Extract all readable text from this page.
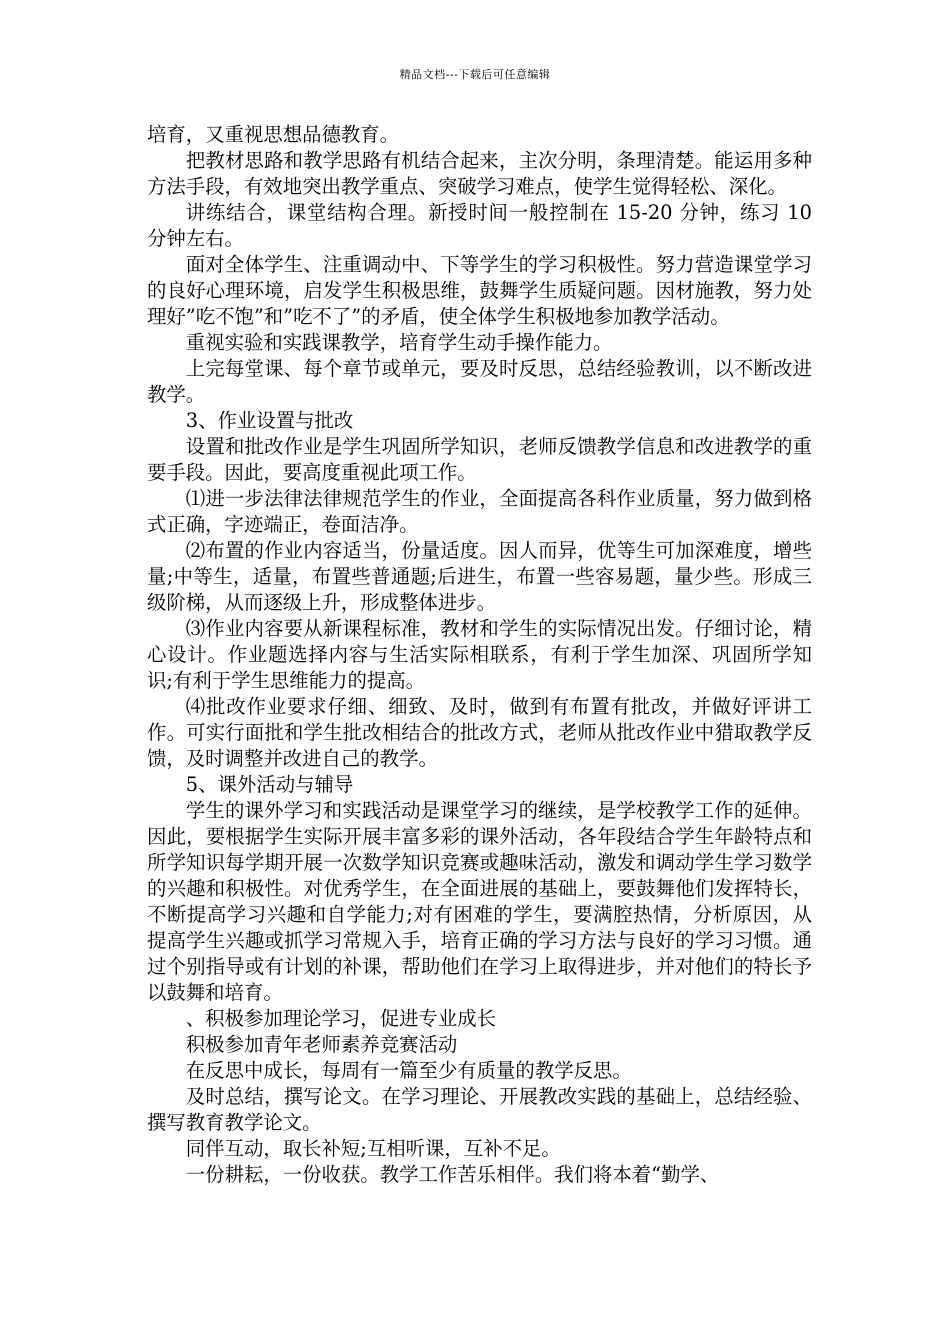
精品文档---下载后可任意编辑

培育，又重视思想品德教育。

把教材思路和教学思路有机结合起来，主次分明，条理清楚。能运用多种方法手段，有效地突出教学重点、突破学习难点，使学生觉得轻松、深化。

讲练结合，课堂结构合理。新授时间一般控制在 15-20 分钟，练习 10 分钟左右。

面对全体学生、注重调动中、下等学生的学习积极性。努力营造课堂学习的良好心理环境，启发学生积极思维，鼓舞学生质疑问题。因材施教，努力处理好”吃不饱”和”吃不了”的矛盾，使全体学生积极地参加教学活动。

重视实验和实践课教学，培育学生动手操作能力。

上完每堂课、每个章节或单元，要及时反思，总结经验教训，以不断改进教学。

3、作业设置与批改

设置和批改作业是学生巩固所学知识，老师反馈教学信息和改进教学的重要手段。因此，要高度重视此项工作。

⑴进一步法律法律规范学生的作业，全面提高各科作业质量，努力做到格式正确，字迹端正，卷面洁净。

⑵布置的作业内容适当，份量适度。因人而异，优等生可加深难度，增些量;中等生，适量，布置些普通题;后进生，布置一些容易题，量少些。形成三级阶梯，从而逐级上升，形成整体进步。

⑶作业内容要从新课程标准，教材和学生的实际情况出发。仔细讨论，精心设计。作业题选择内容与生活实际相联系，有利于学生加深、巩固所学知识;有利于学生思维能力的提高。

⑷批改作业要求仔细、细致、及时，做到有布置有批改，并做好评讲工作。可实行面批和学生批改相结合的批改方式，老师从批改作业中猎取教学反馈，及时调整并改进自己的教学。

5、课外活动与辅导

学生的课外学习和实践活动是课堂学习的继续，是学校教学工作的延伸。因此，要根据学生实际开展丰富多彩的课外活动，各年段结合学生年龄特点和所学知识每学期开展一次数学知识竞赛或趣味活动，激发和调动学生学习数学的兴趣和积极性。对优秀学生，在全面进展的基础上，要鼓舞他们发挥特长，不断提高学习兴趣和自学能力;对有困难的学生，要满腔热情，分析原因，从提高学生兴趣或抓学习常规入手，培育正确的学习方法与良好的学习习惯。通过个别指导或有计划的补课，帮助他们在学习上取得进步，并对他们的特长予以鼓舞和培育。

、积极参加理论学习，促进专业成长

积极参加青年老师素养竞赛活动

在反思中成长，每周有一篇至少有质量的教学反思。

及时总结，撰写论文。在学习理论、开展教改实践的基础上，总结经验、撰写教育教学论文。

同伴互动，取长补短;互相听课，互补不足。

一份耕耘，一份收获。教学工作苦乐相伴。我们将本着“勤学、
